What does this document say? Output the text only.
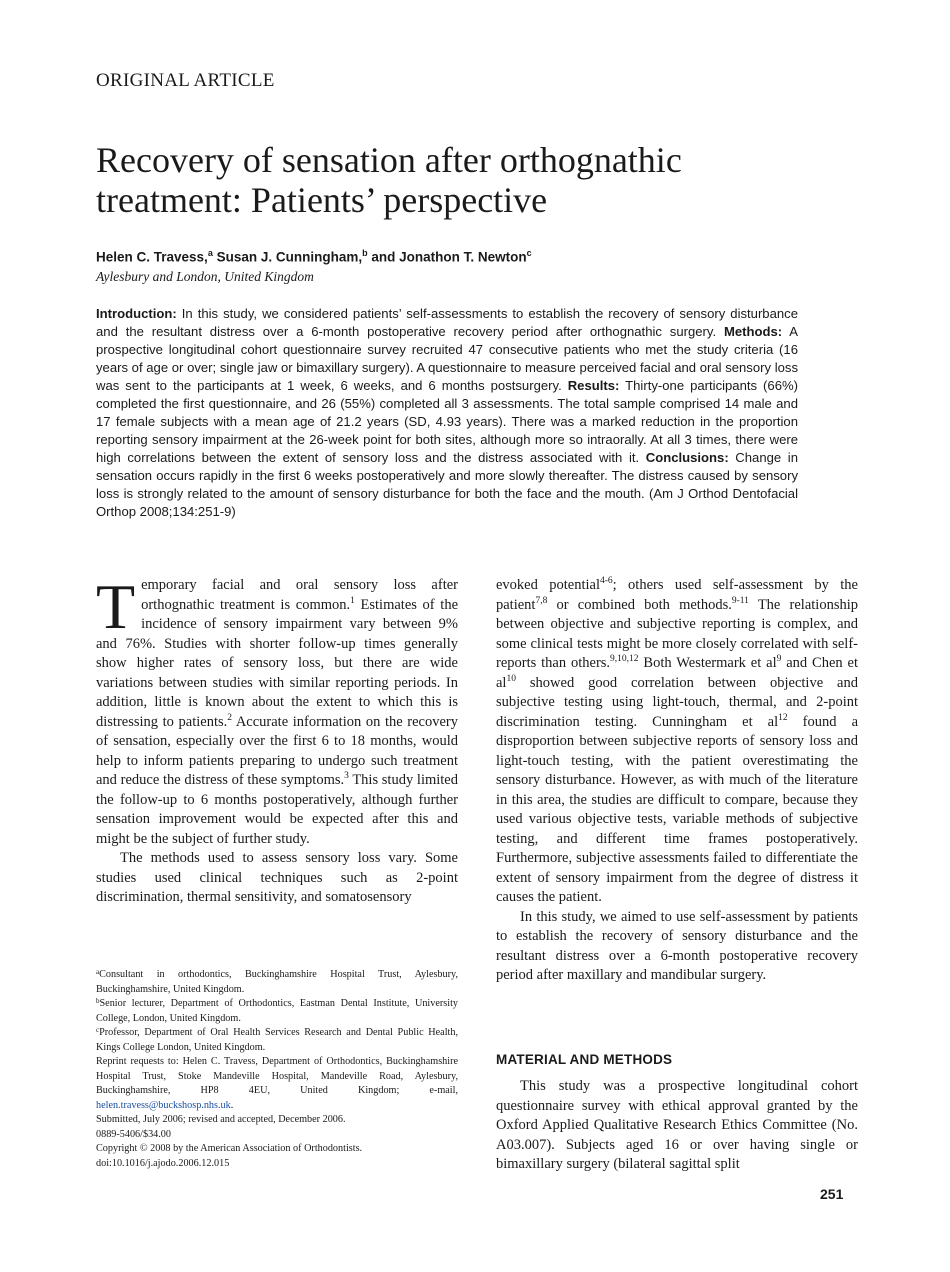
ORIGINAL ARTICLE
Recovery of sensation after orthognathic
treatment: Patients’ perspective
Helen C. Travess,$^a$ Susan J. Cunningham,$^b$ and Jonathon T. Newton$^c$
Aylesbury and London, United Kingdom

Introduction: In this study, we considered patients’ self-assessments to establish the recovery of sensory disturbance and the resultant distress over a 6-month postoperative recovery period after orthognathic surgery. Methods: A prospective longitudinal cohort questionnaire survey recruited 47 consecutive patients who met the study criteria (16 years of age or over; single jaw or bimaxillary surgery). A questionnaire to measure perceived facial and oral sensory loss was sent to the participants at 1 week, 6 weeks, and 6 months postsurgery. Results: Thirty-one participants (66%) completed the first questionnaire, and 26 (55%) completed all 3 assessments. The total sample comprised 14 male and 17 female subjects with a mean age of 21.2 years (SD, 4.93 years). There was a marked reduction in the proportion reporting sensory impairment at the 26-week point for both sites, although more so intraorally. At all 3 times, there were high correlations between the extent of sensory loss and the distress associated with it. Conclusions: Change in sensation occurs rapidly in the first 6 weeks postoperatively and more slowly thereafter. The distress caused by sensory loss is strongly related to the amount of sensory disturbance for both the face and the mouth. (Am J Orthod Dentofacial Orthop 2008;134:251-9)

Temporary facial and oral sensory loss after orthognathic treatment is common.$^1$ Estimates of the incidence of sensory impairment vary between 9% and 76%. Studies with shorter follow-up times generally show higher rates of sensory loss, but there are wide variations between studies with similar reporting periods. In addition, little is known about the extent to which this is distressing to patients.$^2$ Accurate information on the recovery of sensation, especially over the first 6 to 18 months, would help to inform patients preparing to undergo such treatment and reduce the distress of these symptoms.$^3$ This study limited the follow-up to 6 months postoperatively, although further sensation improvement would be expected after this and might be the subject of further study.

The methods used to assess sensory loss vary. Some studies used clinical techniques such as 2-point discrimination, thermal sensitivity, and somatosensory

$^a$Consultant in orthodontics, Buckinghamshire Hospital Trust, Aylesbury, Buckinghamshire, United Kingdom.

$^b$Senior lecturer, Department of Orthodontics, Eastman Dental Institute, University College, London, United Kingdom.

$^c$Professor, Department of Oral Health Services Research and Dental Public Health, Kings College London, United Kingdom.

Reprint requests to: Helen C. Travess, Department of Orthodontics, Buckinghamshire Hospital Trust, Stoke Mandeville Hospital, Mandeville Road, Aylesbury, Buckinghamshire, HP8 4EU, United Kingdom; e-mail, helen.travess@buckshosp.nhs.uk.

Submitted, July 2006; revised and accepted, December 2006.

0889-5406/$34.00

Copyright © 2008 by the American Association of Orthodontists.

doi:10.1016/j.ajodo.2006.12.015

evoked potential$^{4-6}$; others used self-assessment by the patient$^{7,8}$ or combined both methods.$^{9-11}$ The relationship between objective and subjective reporting is complex, and some clinical tests might be more closely correlated with self-reports than others.$^{9,10,12}$ Both Westermark et al$^9$ and Chen et al$^{10}$ showed good correlation between objective and subjective testing using light-touch, thermal, and 2-point discrimination testing. Cunningham et al$^{12}$ found a disproportion between subjective reports of sensory loss and light-touch testing, with the patient overestimating the sensory disturbance. However, as with much of the literature in this area, the studies are difficult to compare, because they used various objective tests, variable methods of subjective testing, and different time frames postoperatively. Furthermore, subjective assessments failed to differentiate the extent of sensory impairment from the degree of distress it causes the patient.

In this study, we aimed to use self-assessment by patients to establish the recovery of sensory disturbance and the resultant distress over a 6-month postoperative recovery period after maxillary and mandibular surgery.

MATERIAL AND METHODS

This study was a prospective longitudinal cohort questionnaire survey with ethical approval granted by the Oxford Applied Qualitative Research Ethics Committee (No. A03.007). Subjects aged 16 or over having single or bimaxillary surgery (bilateral sagittal split

251
